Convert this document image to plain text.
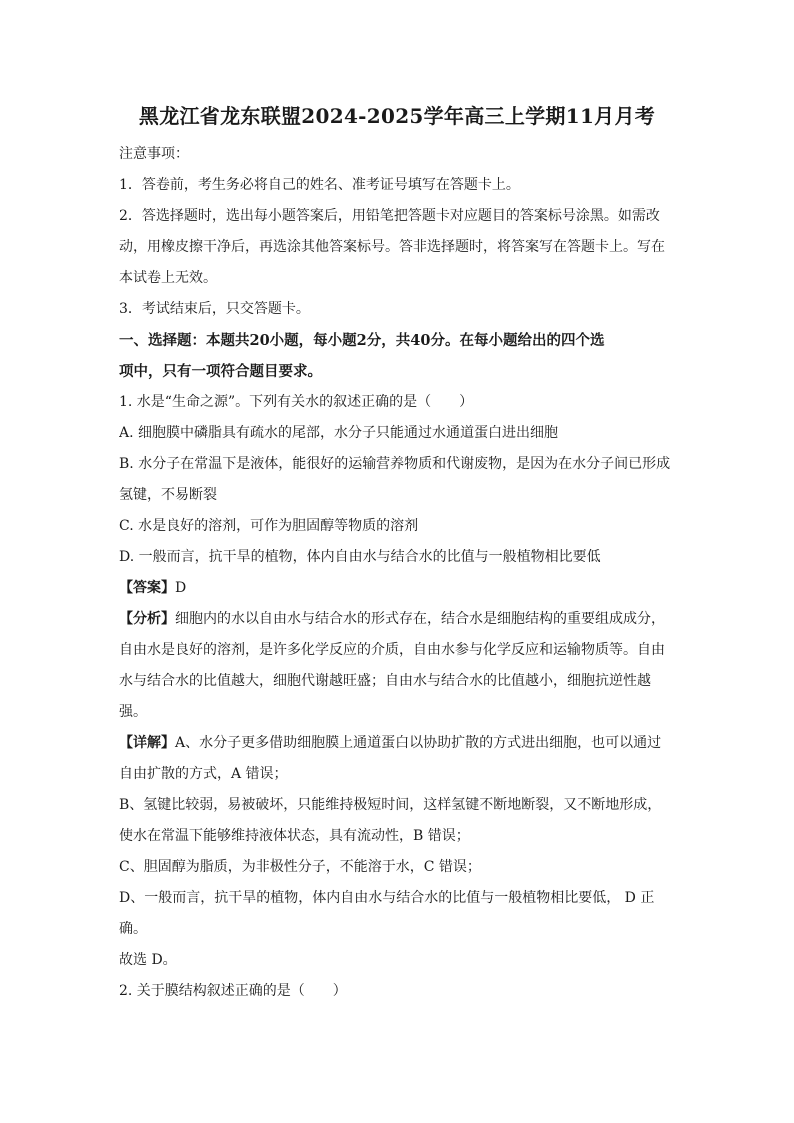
黑龙江省龙东联盟2024-2025学年高三上学期11月月考
注意事项：
1．答卷前，考生务必将自己的姓名、准考证号填写在答题卡上。
2．答选择题时，选出每小题答案后，用铅笔把答题卡对应题目的答案标号涂黑。如需改
动，用橡皮擦干净后，再选涂其他答案标号。答非选择题时，将答案写在答题卡上。写在
本试卷上无效。
3．考试结束后，只交答题卡。
一、选择题：本题共20小题，每小题2分，共40分。在每小题给出的四个选
项中，只有一项符合题目要求。
1. 水是“生命之源”。下列有关水的叙述正确的是（　　）
A. 细胞膜中磷脂具有疏水的尾部，水分子只能通过水通道蛋白进出细胞
B. 水分子在常温下是液体，能很好的运输营养物质和代谢废物，是因为在水分子间已形成
氢键，不易断裂
C. 水是良好的溶剂，可作为胆固醇等物质的溶剂
D. 一般而言，抗干旱的植物，体内自由水与结合水的比值与一般植物相比要低
【答案】D
【分析】细胞内的水以自由水与结合水的形式存在，结合水是细胞结构的重要组成成分，
自由水是良好的溶剂，是许多化学反应的介质，自由水参与化学反应和运输物质等。自由
水与结合水的比值越大，细胞代谢越旺盛；自由水与结合水的比值越小，细胞抗逆性越
强。
【详解】A、水分子更多借助细胞膜上通道蛋白以协助扩散的方式进出细胞，也可以通过
自由扩散的方式，A 错误；
B、氢键比较弱，易被破坏，只能维持极短时间，这样氢键不断地断裂，又不断地形成，
使水在常温下能够维持液体状态，具有流动性，B 错误；
C、胆固醇为脂质，为非极性分子，不能溶于水，C 错误；
D、一般而言，抗干旱的植物，体内自由水与结合水的比值与一般植物相比要低， D 正
确。
故选 D。
2. 关于膜结构叙述正确的是（　　）
